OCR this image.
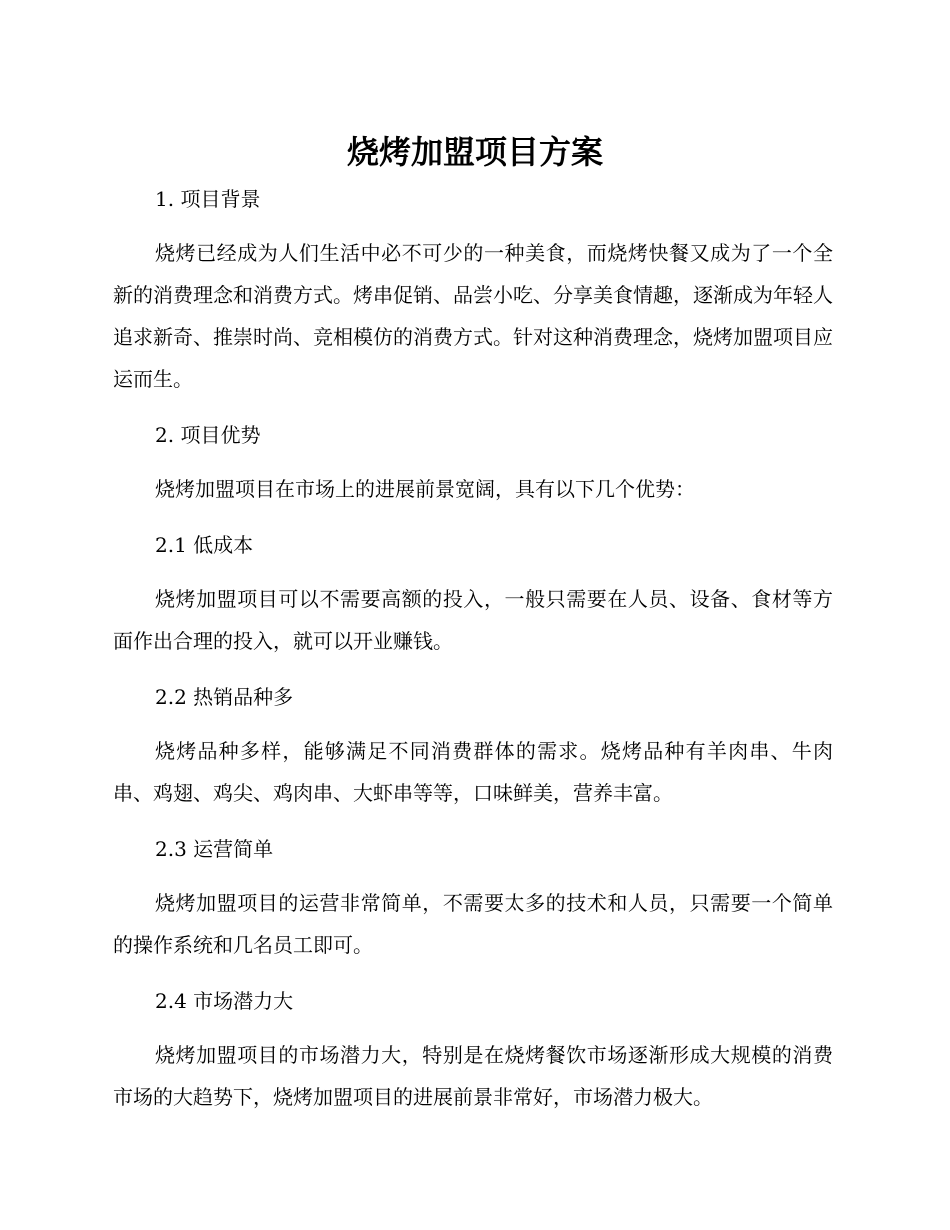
烧烤加盟项目方案
1. 项目背景

烧烤已经成为人们生活中必不可少的一种美食，而烧烤快餐又成为了一个全新的消费理念和消费方式。烤串促销、品尝小吃、分享美食情趣，逐渐成为年轻人追求新奇、推崇时尚、竞相模仿的消费方式。针对这种消费理念，烧烤加盟项目应运而生。

2. 项目优势

烧烤加盟项目在市场上的进展前景宽阔，具有以下几个优势：

2.1 低成本

烧烤加盟项目可以不需要高额的投入，一般只需要在人员、设备、食材等方面作出合理的投入，就可以开业赚钱。

2.2 热销品种多

烧烤品种多样，能够满足不同消费群体的需求。烧烤品种有羊肉串、牛肉串、鸡翅、鸡尖、鸡肉串、大虾串等等，口味鲜美，营养丰富。

2.3 运营简单

烧烤加盟项目的运营非常简单，不需要太多的技术和人员，只需要一个简单的操作系统和几名员工即可。

2.4 市场潜力大

烧烤加盟项目的市场潜力大，特别是在烧烤餐饮市场逐渐形成大规模的消费市场的大趋势下，烧烤加盟项目的进展前景非常好，市场潜力极大。
